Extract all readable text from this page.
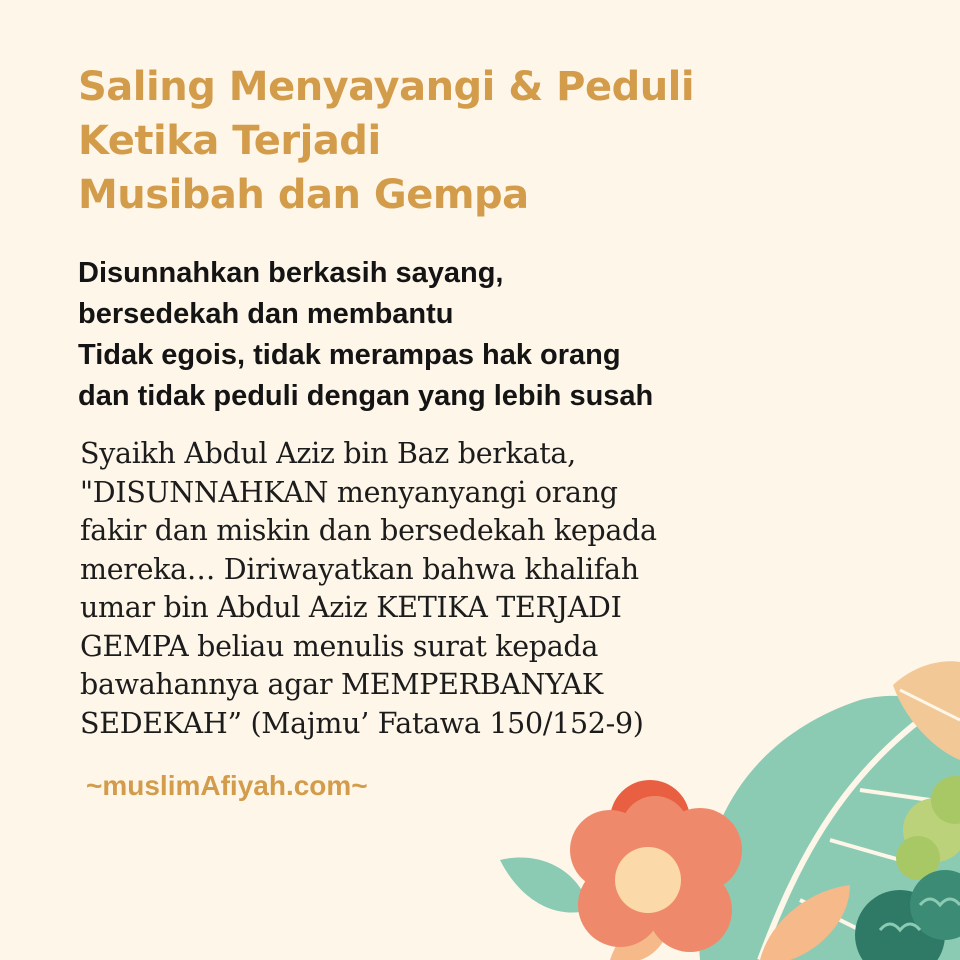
Saling Menyayangi & Peduli
Ketika Terjadi
Musibah dan Gempa
Disunnahkan berkasih sayang,
bersedekah dan membantu
Tidak egois, tidak merampas hak orang
dan tidak peduli dengan yang lebih susah
Syaikh Abdul Aziz bin Baz berkata,
"DISUNNAHKAN menyanyangi orang
fakir dan miskin dan bersedekah kepada
mereka… Diriwayatkan bahwa khalifah
umar bin Abdul Aziz KETIKA TERJADI
GEMPA beliau menulis surat kepada
bawahannya agar MEMPERBANYAK
SEDEKAH” (Majmu’ Fatawa 150/152-9)
~muslimAfiyah.com~
